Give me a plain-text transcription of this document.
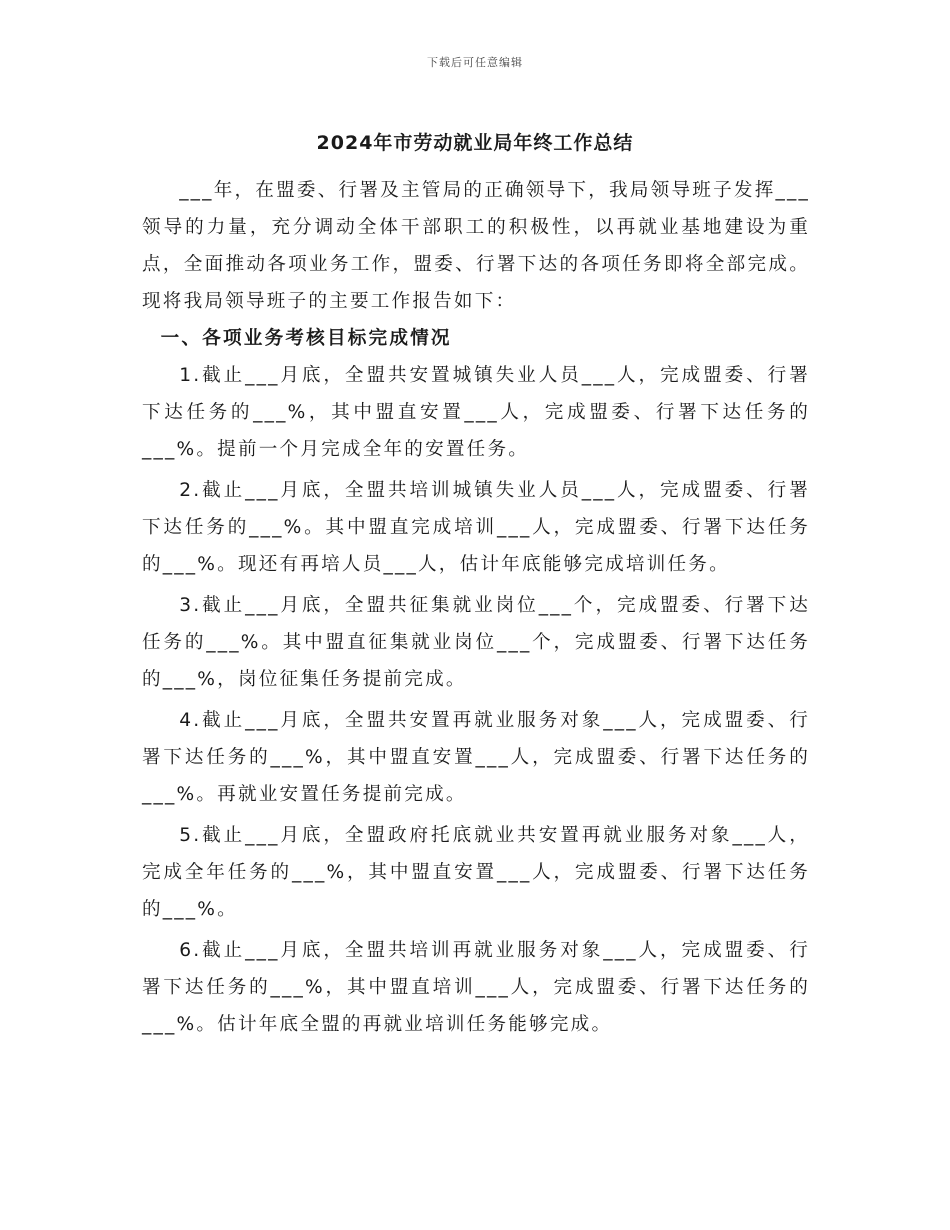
下载后可任意编辑
2024年市劳动就业局年终工作总结

___年，在盟委、行署及主管局的正确领导下，我局领导班子发挥___领导的力量，充分调动全体干部职工的积极性，以再就业基地建设为重点，全面推动各项业务工作，盟委、行署下达的各项任务即将全部完成。现将我局领导班子的主要工作报告如下：

一、各项业务考核目标完成情况

1.截止___月底，全盟共安置城镇失业人员___人，完成盟委、行署下达任务的___%，其中盟直安置___人，完成盟委、行署下达任务的___%。提前一个月完成全年的安置任务。

2.截止___月底，全盟共培训城镇失业人员___人，完成盟委、行署下达任务的___%。其中盟直完成培训___人，完成盟委、行署下达任务的___%。现还有再培人员___人，估计年底能够完成培训任务。

3.截止___月底，全盟共征集就业岗位___个，完成盟委、行署下达任务的___%。其中盟直征集就业岗位___个，完成盟委、行署下达任务的___%，岗位征集任务提前完成。

4.截止___月底，全盟共安置再就业服务对象___人，完成盟委、行署下达任务的___%，其中盟直安置___人，完成盟委、行署下达任务的___%。再就业安置任务提前完成。

5.截止___月底，全盟政府托底就业共安置再就业服务对象___人，完成全年任务的___%，其中盟直安置___人，完成盟委、行署下达任务的___%。

6.截止___月底，全盟共培训再就业服务对象___人，完成盟委、行署下达任务的___%，其中盟直培训___人，完成盟委、行署下达任务的___%。估计年底全盟的再就业培训任务能够完成。
